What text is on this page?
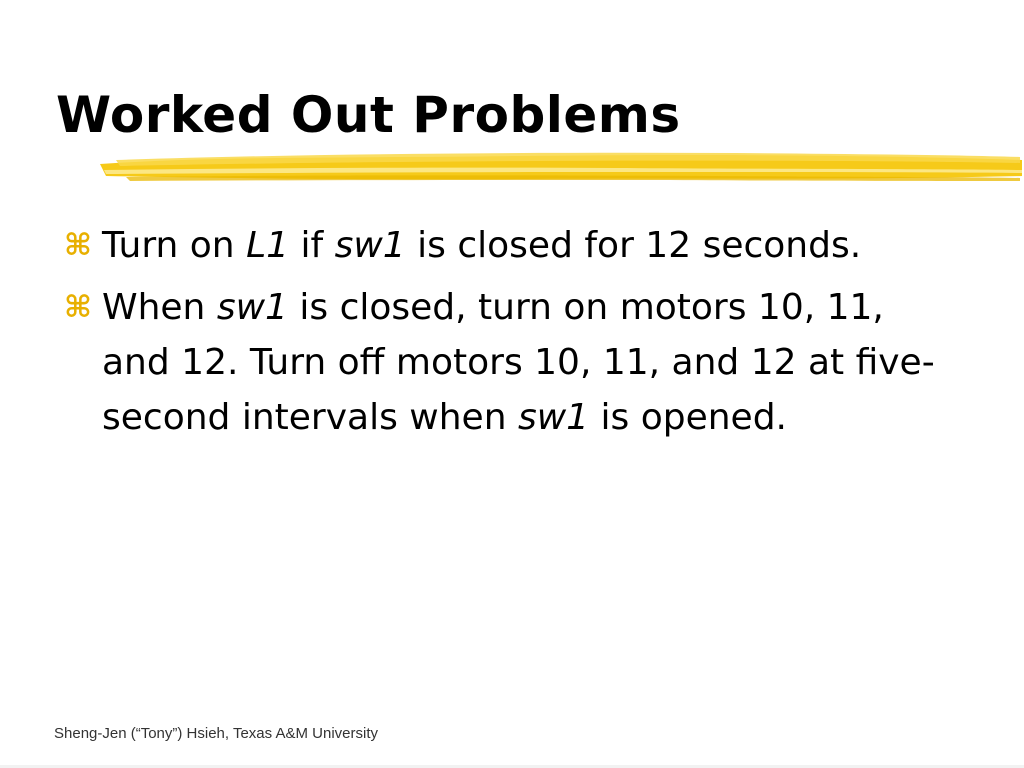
Worked Out Problems
⌘ Turn on L1 if sw1 is closed for 12 seconds.
⌘ When sw1 is closed, turn on motors 10, 11, and 12. Turn off motors 10, 11, and 12 at five-second intervals when sw1 is opened.
Sheng-Jen (“Tony”) Hsieh, Texas A&M University
